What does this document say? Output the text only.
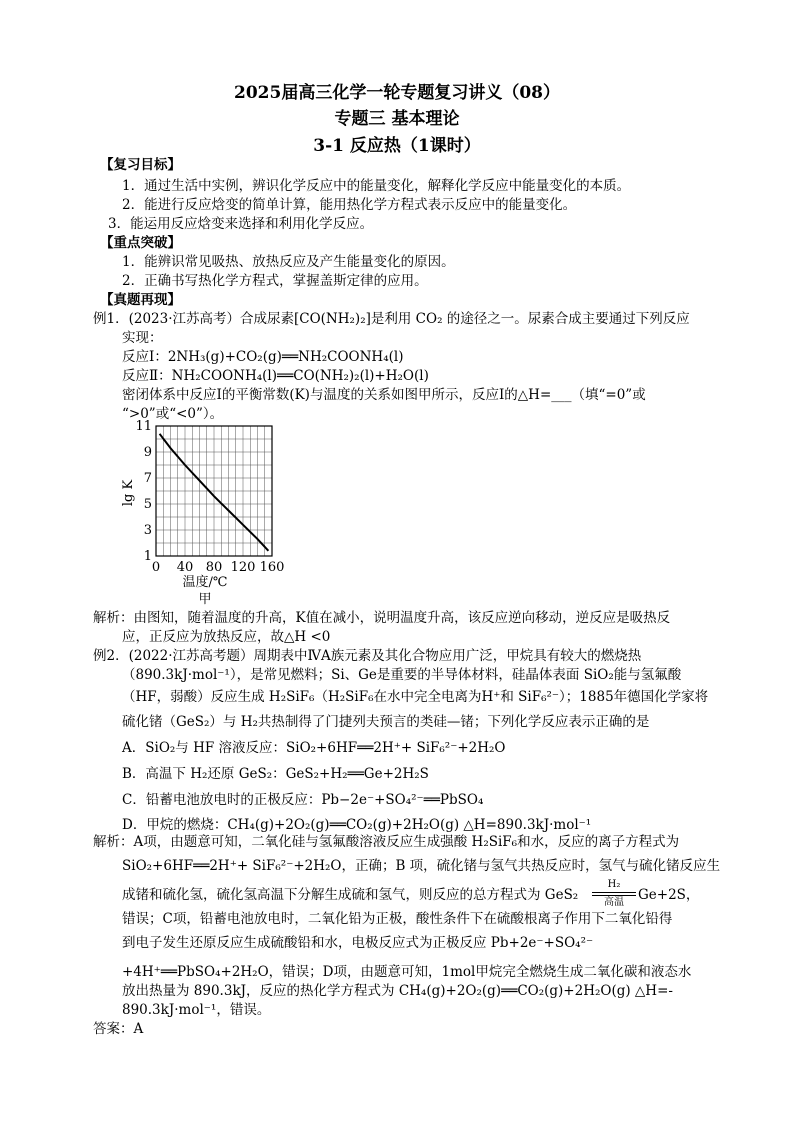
2025届高三化学一轮专题复习讲义（08）
专题三 基本理论
3-1 反应热（1课时）
【复习目标】
1．通过生活中实例，辨识化学反应中的能量变化，解释化学反应中能量变化的本质。
2．能进行反应焓变的简单计算，能用热化学方程式表示反应中的能量变化。
3．能运用反应焓变来选择和利用化学反应。
【重点突破】
1．能辨识常见吸热、放热反应及产生能量变化的原因。
2．正确书写热化学方程式，掌握盖斯定律的应用。
【真题再现】
例1．(2023·江苏高考）合成尿素[CO(NH₂)₂]是利用 CO₂ 的途径之一。尿素合成主要通过下列反应
实现：
反应Ⅰ：2NH₃(g)+CO₂(g)══NH₂COONH₄(l)
反应Ⅱ：NH₂COONH₄(l)══CO(NH₂)₂(l)+H₂O(l)
密闭体系中反应Ⅰ的平衡常数(K)与温度的关系如图甲所示，反应Ⅰ的△H=___（填“=0”或
“>0”或“<0”）。
1
3
5
7
9
11
0 40 80 120 160
lg K
温度/℃
甲
解析：由图知，随着温度的升高，K值在减小，说明温度升高，该反应逆向移动，逆反应是吸热反
应，正反应为放热反应，故△H <0
例2．(2022·江苏高考题）周期表中ⅣA族元素及其化合物应用广泛，甲烷具有较大的燃烧热
（890.3kJ·mol⁻¹），是常见燃料；Si、Ge是重要的半导体材料，硅晶体表面 SiO₂能与氢氟酸
（HF，弱酸）反应生成 H₂SiF₆（H₂SiF₆在水中完全电离为H⁺和 SiF₆²⁻）；1885年德国化学家将
硫化锗（GeS₂）与 H₂共热制得了门捷列夫预言的类硅—锗；下列化学反应表示正确的是
A．SiO₂与 HF 溶液反应：SiO₂+6HF══2H⁺+ SiF₆²⁻+2H₂O
B．高温下 H₂还原 GeS₂：GeS₂+H₂══Ge+2H₂S
C．铅蓄电池放电时的正极反应：Pb−2e⁻+SO₄²⁻══PbSO₄
D．甲烷的燃烧：CH₄(g)+2O₂(g)══CO₂(g)+2H₂O(g) △H=890.3kJ·mol⁻¹
解析：A项，由题意可知，二氧化硅与氢氟酸溶液反应生成强酸 H₂SiF₆和水，反应的离子方程式为
SiO₂+6HF══2H⁺+ SiF₆²⁻+2H₂O，正确；B 项，硫化锗与氢气共热反应时，氢气与硫化锗反应生
成锗和硫化氢，硫化氢高温下分解生成硫和氢气，则反应的总方程式为 GeS₂
H₂
高温	Ge+2S，
错误；C项，铅蓄电池放电时，二氧化铅为正极，酸性条件下在硫酸根离子作用下二氧化铅得
到电子发生还原反应生成硫酸铅和水，电极反应式为正极反应 Pb+2e⁻+SO₄²⁻
+4H⁺══PbSO₄+2H₂O，错误；D项，由题意可知，1mol甲烷完全燃烧生成二氧化碳和液态水
放出热量为 890.3kJ，反应的热化学方程式为 CH₄(g)+2O₂(g)══CO₂(g)+2H₂O(g) △H=-
890.3kJ·mol⁻¹，错误。
答案：A
